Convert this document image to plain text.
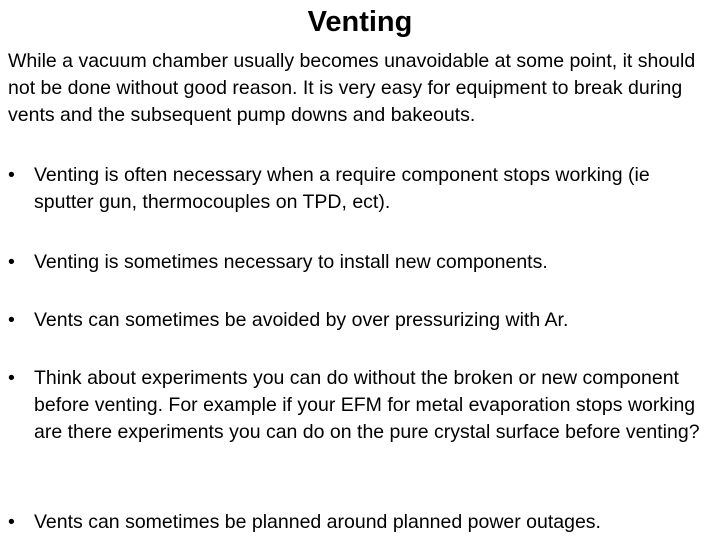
Venting

While a vacuum chamber usually becomes unavoidable at some point, it should not be done without good reason. It is very easy for equipment to break during vents and the subsequent pump downs and bakeouts.

• Venting is often necessary when a require component stops working (ie sputter gun, thermocouples on TPD, ect).
• Venting is sometimes necessary to install new components.
• Vents can sometimes be avoided by over pressurizing with Ar.
• Think about experiments you can do without the broken or new component before venting. For example if your EFM for metal evaporation stops working are there experiments you can do on the pure crystal surface before venting?
• Vents can sometimes be planned around planned power outages.
